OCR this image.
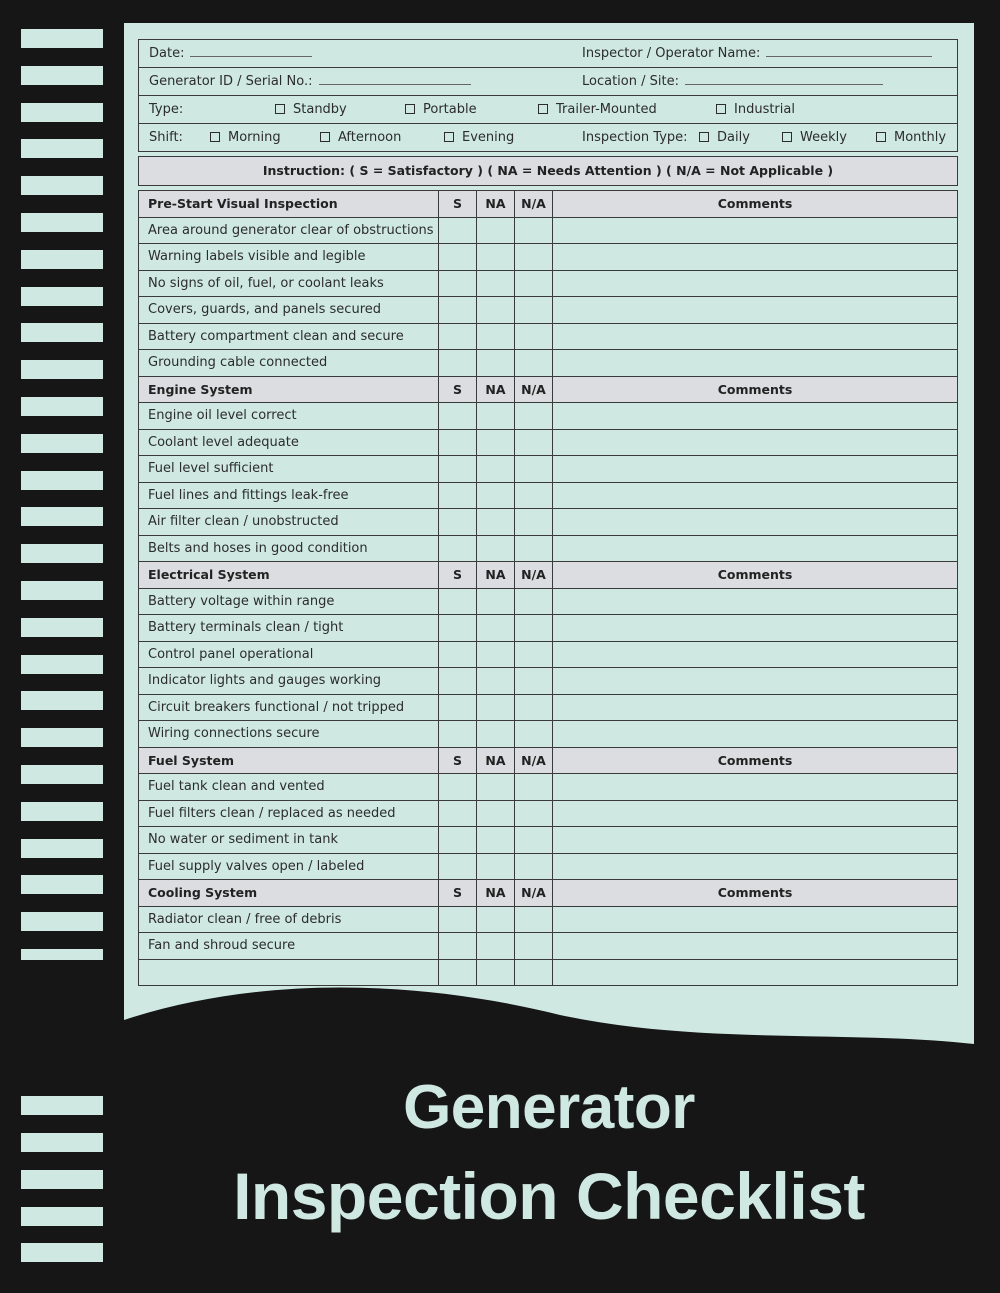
Date:	Inspector / Operator Name:
Generator ID / Serial No.:	Location / Site:
Type:	Standby	Portable	Trailer-Mounted	Industrial
Shift:	Morning	Afternoon	Evening	Inspection Type:	Daily	Weekly	Monthly
Instruction: ( S = Satisfactory ) ( NA = Needs Attention ) ( N/A = Not Applicable )
Pre-Start Visual Inspection	S	NA	N/A	Comments
Area around generator clear of obstructions				
Warning labels visible and legible				
No signs of oil, fuel, or coolant leaks				
Covers, guards, and panels secured				
Battery compartment clean and secure				
Grounding cable connected				
Engine System	S	NA	N/A	Comments
Engine oil level correct				
Coolant level adequate				
Fuel level sufficient				
Fuel lines and fittings leak-free				
Air filter clean / unobstructed				
Belts and hoses in good condition				
Electrical System	S	NA	N/A	Comments
Battery voltage within range				
Battery terminals clean / tight				
Control panel operational				
Indicator lights and gauges working				
Circuit breakers functional / not tripped				
Wiring connections secure				
Fuel System	S	NA	N/A	Comments
Fuel tank clean and vented				
Fuel filters clean / replaced as needed				
No water or sediment in tank				
Fuel supply valves open / labeled				
Cooling System	S	NA	N/A	Comments
Radiator clean / free of debris				
Fan and shroud secure				

Generator
Inspection Checklist
